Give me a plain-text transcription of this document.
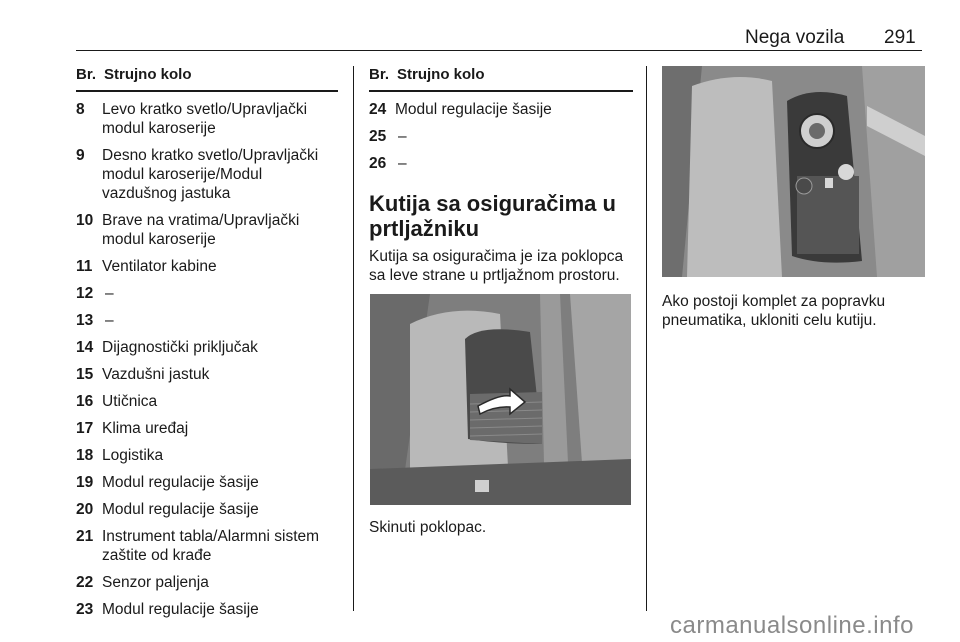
Nega vozila 291
Br. Strujno kolo
8	Levo kratko svetlo/Upravljački modul karoserije
9	Desno kratko svetlo/Upravljački modul karoserije/Modul vazdušnog jastuka
10 Brave na vratima/Upravljački modul karoserije
11 Ventilator kabine
12 –
13 –
14 Dijagnostički priključak
15 Vazdušni jastuk
16 Utičnica
17 Klima uređaj
18 Logistika
19 Modul regulacije šasije
20 Modul regulacije šasije
21 Instrument tabla/Alarmni sistem zaštite od krađe
22 Senzor paljenja
23 Modul regulacije šasije
Br. Strujno kolo
24 Modul regulacije šasije
25 –
26 –
Kutija sa osiguračima u prtljažniku
Kutija sa osiguračima je iza poklopca sa leve strane u prtljažnom prostoru.
Skinuti poklopac.
Ako postoji komplet za popravku pneumatika, ukloniti celu kutiju.
carmanualsonline.info
